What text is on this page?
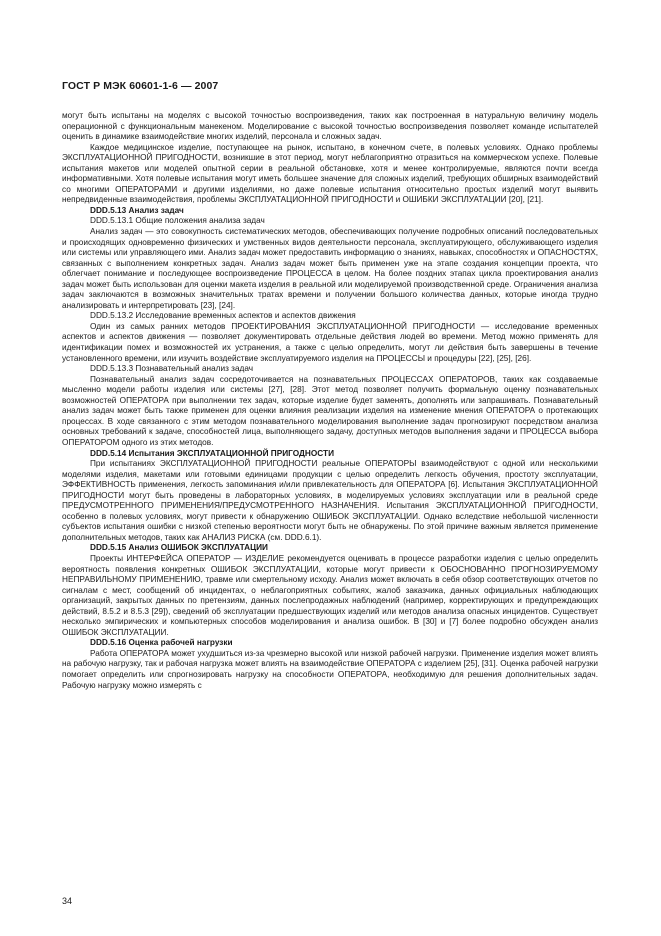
ГОСТ Р МЭК 60601-1-6 — 2007

могут быть испытаны на моделях с высокой точностью воспроизведения, таких как построенная в натуральную величину модель операционной с функциональным манекеном. Моделирование с высокой точностью воспроизведения позволяет команде испытателей оценить в динамике взаимодействие многих изделий, персонала и сложных задач.

Каждое медицинское изделие, поступающее на рынок, испытано, в конечном счете, в полевых условиях. Однако проблемы ЭКСПЛУАТАЦИОННОЙ ПРИГОДНОСТИ, возникшие в этот период, могут неблагоприятно отразиться на коммерческом успехе. Полевые испытания макетов или моделей опытной серии в реальной обстановке, хотя и менее контролируемые, являются почти всегда информативными. Хотя полевые испытания могут иметь большее значение для сложных изделий, требующих обширных взаимодействий со многими ОПЕРАТОРАМИ и другими изделиями, но даже полевые испытания относительно простых изделий могут выявить непредвиденные взаимодействия, проблемы ЭКСПЛУАТАЦИОННОЙ ПРИГОДНОСТИ и ОШИБКИ ЭКСПЛУАТАЦИИ [20], [21].

DDD.5.13 Анализ задач

DDD.5.13.1 Общие положения анализа задач

Анализ задач — это совокупность систематических методов, обеспечивающих получение подробных описаний последовательных и происходящих одновременно физических и умственных видов деятельности персонала, эксплуатирующего, обслуживающего изделия или системы или управляющего ими. Анализ задач может предоставить информацию о знаниях, навыках, способностях и ОПАСНОСТЯХ, связанных с выполнением конкретных задач. Анализ задач может быть применен уже на этапе создания концепции проекта, что облегчает понимание и последующее воспроизведение ПРОЦЕССА в целом. На более поздних этапах цикла проектирования анализ задач может быть использован для оценки макета изделия в реальной или моделируемой производственной среде. Ограничения анализа задач заключаются в возможных значительных тратах времени и получении большого количества данных, которые иногда трудно анализировать и интерпретировать [23], [24].

DDD.5.13.2 Исследование временных аспектов и аспектов движения

Один из самых ранних методов ПРОЕКТИРОВАНИЯ ЭКСПЛУАТАЦИОННОЙ ПРИГОДНОСТИ — исследование временных аспектов и аспектов движения — позволяет документировать отдельные действия людей во времени. Метод можно применять для идентификации помех и возможностей их устранения, а также с целью определить, могут ли действия быть завершены в течение установленного времени, или изучить воздействие эксплуатируемого изделия на ПРОЦЕССЫ и процедуры [22], [25], [26].

DDD.5.13.3 Познавательный анализ задач

Познавательный анализ задач сосредоточивается на познавательных ПРОЦЕССАХ ОПЕРАТОРОВ, таких как создаваемые мысленно модели работы изделия или системы [27], [28]. Этот метод позволяет получить формальную оценку познавательных возможностей ОПЕРАТОРА при выполнении тех задач, которые изделие будет заменять, дополнять или запрашивать. Познавательный анализ задач может быть также применен для оценки влияния реализации изделия на изменение мнения ОПЕРАТОРА о протекающих процессах. В ходе связанного с этим методом познавательного моделирования выполнение задач прогнозируют посредством анализа основных требований к задаче, способностей лица, выполняющего задачу, доступных методов выполнения задачи и ПРОЦЕССА выбора ОПЕРАТОРОМ одного из этих методов.

DDD.5.14 Испытания ЭКСПЛУАТАЦИОННОЙ ПРИГОДНОСТИ

При испытаниях ЭКСПЛУАТАЦИОННОЙ ПРИГОДНОСТИ реальные ОПЕРАТОРЫ взаимодействуют с одной или несколькими моделями изделия, макетами или готовыми единицами продукции с целью определить легкость обучения, простоту эксплуатации, ЭФФЕКТИВНОСТЬ применения, легкость запоминания и/или привлекательность для ОПЕРАТОРА [6]. Испытания ЭКСПЛУАТАЦИОННОЙ ПРИГОДНОСТИ могут быть проведены в лабораторных условиях, в моделируемых условиях эксплуатации или в реальной среде ПРЕДУСМОТРЕННОГО ПРИМЕНЕНИЯ/ПРЕДУСМОТРЕННОГО НАЗНАЧЕНИЯ. Испытания ЭКСПЛУАТАЦИОННОЙ ПРИГОДНОСТИ, особенно в полевых условиях, могут привести к обнаружению ОШИБОК ЭКСПЛУАТАЦИИ. Однако вследствие небольшой численности субъектов испытания ошибки с низкой степенью вероятности могут быть не обнаружены. По этой причине важным является применение дополнительных методов, таких как АНАЛИЗ РИСКА (см. DDD.6.1).

DDD.5.15 Анализ ОШИБОК ЭКСПЛУАТАЦИИ

Проекты ИНТЕРФЕЙСА ОПЕРАТОР — ИЗДЕЛИЕ рекомендуется оценивать в процессе разработки изделия с целью определить вероятность появления конкретных ОШИБОК ЭКСПЛУАТАЦИИ, которые могут привести к ОБОСНОВАННО ПРОГНОЗИРУЕМОМУ НЕПРАВИЛЬНОМУ ПРИМЕНЕНИЮ, травме или смертельному исходу. Анализ может включать в себя обзор соответствующих отчетов по сигналам с мест, сообщений об инцидентах, о неблагоприятных событиях, жалоб заказчика, данных официальных наблюдающих организаций, закрытых данных по претензиям, данных послепродажных наблюдений (например, корректирующих и предупреждающих действий, 8.5.2 и 8.5.3 [29]), сведений об эксплуатации предшествующих изделий или методов анализа опасных инцидентов. Существует несколько эмпирических и компьютерных способов моделирования и анализа ошибок. В [30] и [7] более подробно обсужден анализ ОШИБОК ЭКСПЛУАТАЦИИ.

DDD.5.16 Оценка рабочей нагрузки

Работа ОПЕРАТОРА может ухудшиться из-за чрезмерно высокой или низкой рабочей нагрузки. Применение изделия может влиять на рабочую нагрузку, так и рабочая нагрузка может влиять на взаимодействие ОПЕРАТОРА с изделием [25], [31]. Оценка рабочей нагрузки помогает определить или спрогнозировать нагрузку на способности ОПЕРАТОРА, необходимую для решения дополнительных задач. Рабочую нагрузку можно измерять с

34
